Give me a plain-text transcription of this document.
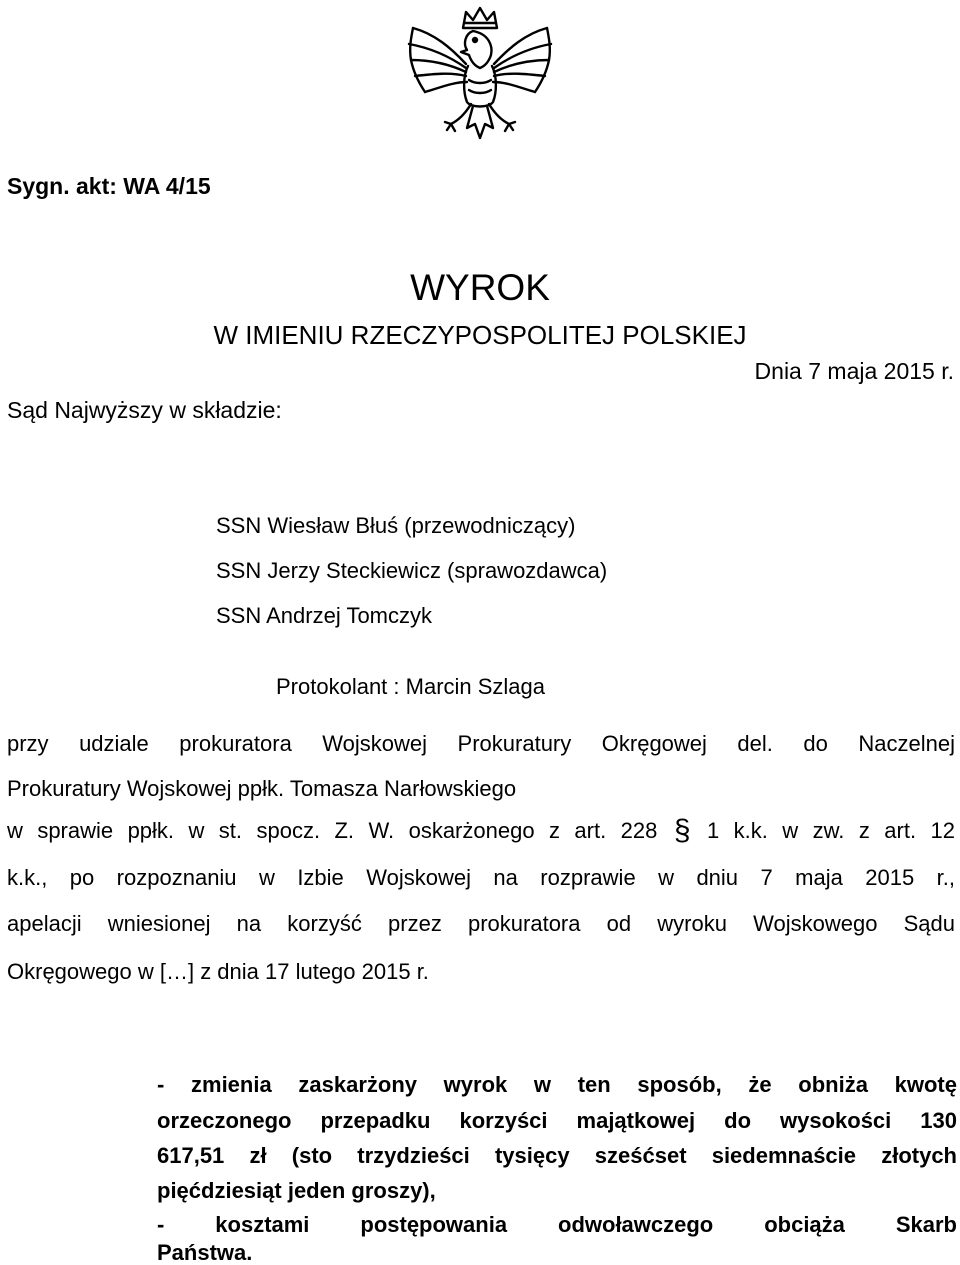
Sygn. akt: WA 4/15
WYROK
W IMIENIU RZECZYPOSPOLITEJ POLSKIEJ
Dnia 7 maja 2015 r.
Sąd Najwyższy w składzie:
SSN Wiesław Błuś (przewodniczący)
SSN Jerzy Steckiewicz (sprawozdawca)
SSN Andrzej Tomczyk
Protokolant : Marcin Szlaga
przy udziale prokuratora Wojskowej Prokuratury Okręgowej del. do Naczelnej
Prokuratury Wojskowej ppłk. Tomasza Narłowskiego
w sprawie ppłk. w st. spocz. Z. W. oskarżonego z art. 228 § 1 k.k. w zw. z art. 12
k.k., po rozpoznaniu w Izbie Wojskowej na rozprawie w dniu 7 maja 2015 r.,
apelacji wniesionej na korzyść przez prokuratora od wyroku Wojskowego Sądu
Okręgowego w […] z dnia 17 lutego 2015 r.
- zmienia zaskarżony wyrok w ten sposób, że obniża kwotę
orzeczonego przepadku korzyści majątkowej do wysokości 130
617,51 zł (sto trzydzieści tysięcy sześćset siedemnaście złotych
pięćdziesiąt jeden groszy),
- kosztami postępowania odwoławczego obciąża Skarb
Państwa.
